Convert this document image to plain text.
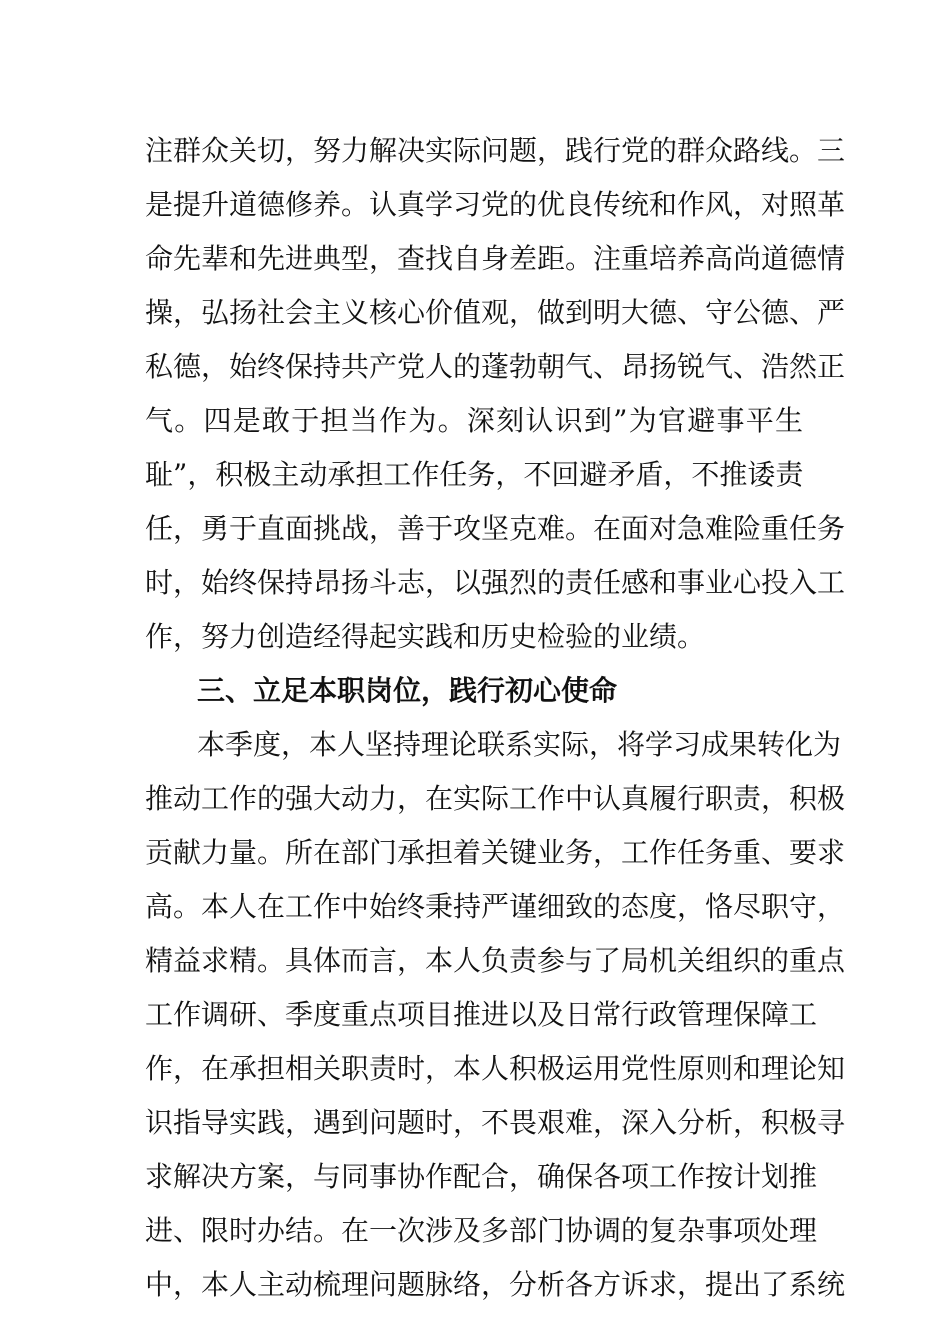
注群众关切，努力解决实际问题，践行党的群众路线。三
是提升道德修养。认真学习党的优良传统和作风，对照革
命先辈和先进典型，查找自身差距。注重培养高尚道德情
操，弘扬社会主义核心价值观，做到明大德、守公德、严
私德，始终保持共产党人的蓬勃朝气、昂扬锐气、浩然正
气。四是敢于担当作为。深刻认识到”为官避事平生
耻”，积极主动承担工作任务，不回避矛盾，不推诿责
任，勇于直面挑战，善于攻坚克难。在面对急难险重任务
时，始终保持昂扬斗志，以强烈的责任感和事业心投入工
作，努力创造经得起实践和历史检验的业绩。
三、立足本职岗位，践行初心使命
本季度，本人坚持理论联系实际，将学习成果转化为
推动工作的强大动力，在实际工作中认真履行职责，积极
贡献力量。所在部门承担着关键业务，工作任务重、要求
高。本人在工作中始终秉持严谨细致的态度，恪尽职守，
精益求精。具体而言，本人负责参与了局机关组织的重点
工作调研、季度重点项目推进以及日常行政管理保障工
作，在承担相关职责时，本人积极运用党性原则和理论知
识指导实践，遇到问题时，不畏艰难，深入分析，积极寻
求解决方案，与同事协作配合，确保各项工作按计划推
进、限时办结。在一次涉及多部门协调的复杂事项处理
中，本人主动梳理问题脉络，分析各方诉求，提出了系统
